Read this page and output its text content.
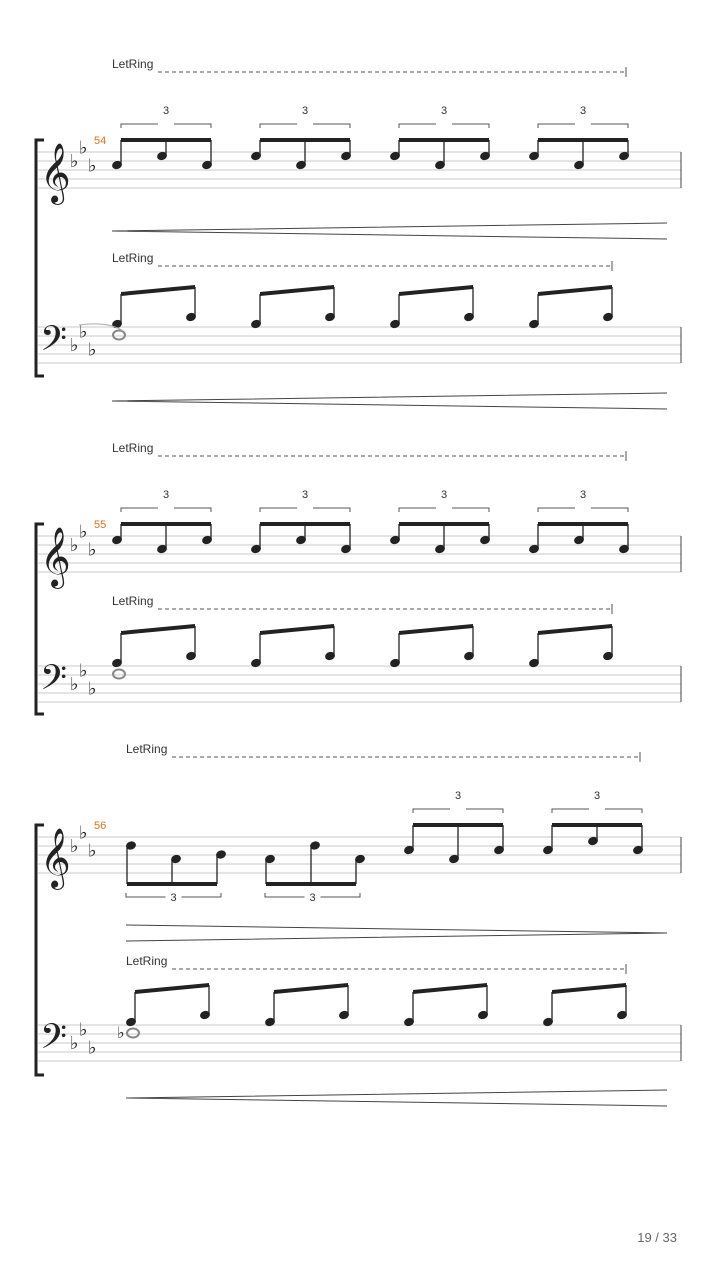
LetRing
LetRing
𝄞 ♭
♭
♭
𝄢 ♭
♭
♭
54
3	3	3	3
LetRing
LetRing
𝄞 ♭
♭
♭
𝄢 ♭
♭
♭
55
3	3	3	3
LetRing
LetRing
𝄞 ♭
♭
♭
𝄢 ♭
♭
♭
56
3	3
3	3
♭
19 / 33
